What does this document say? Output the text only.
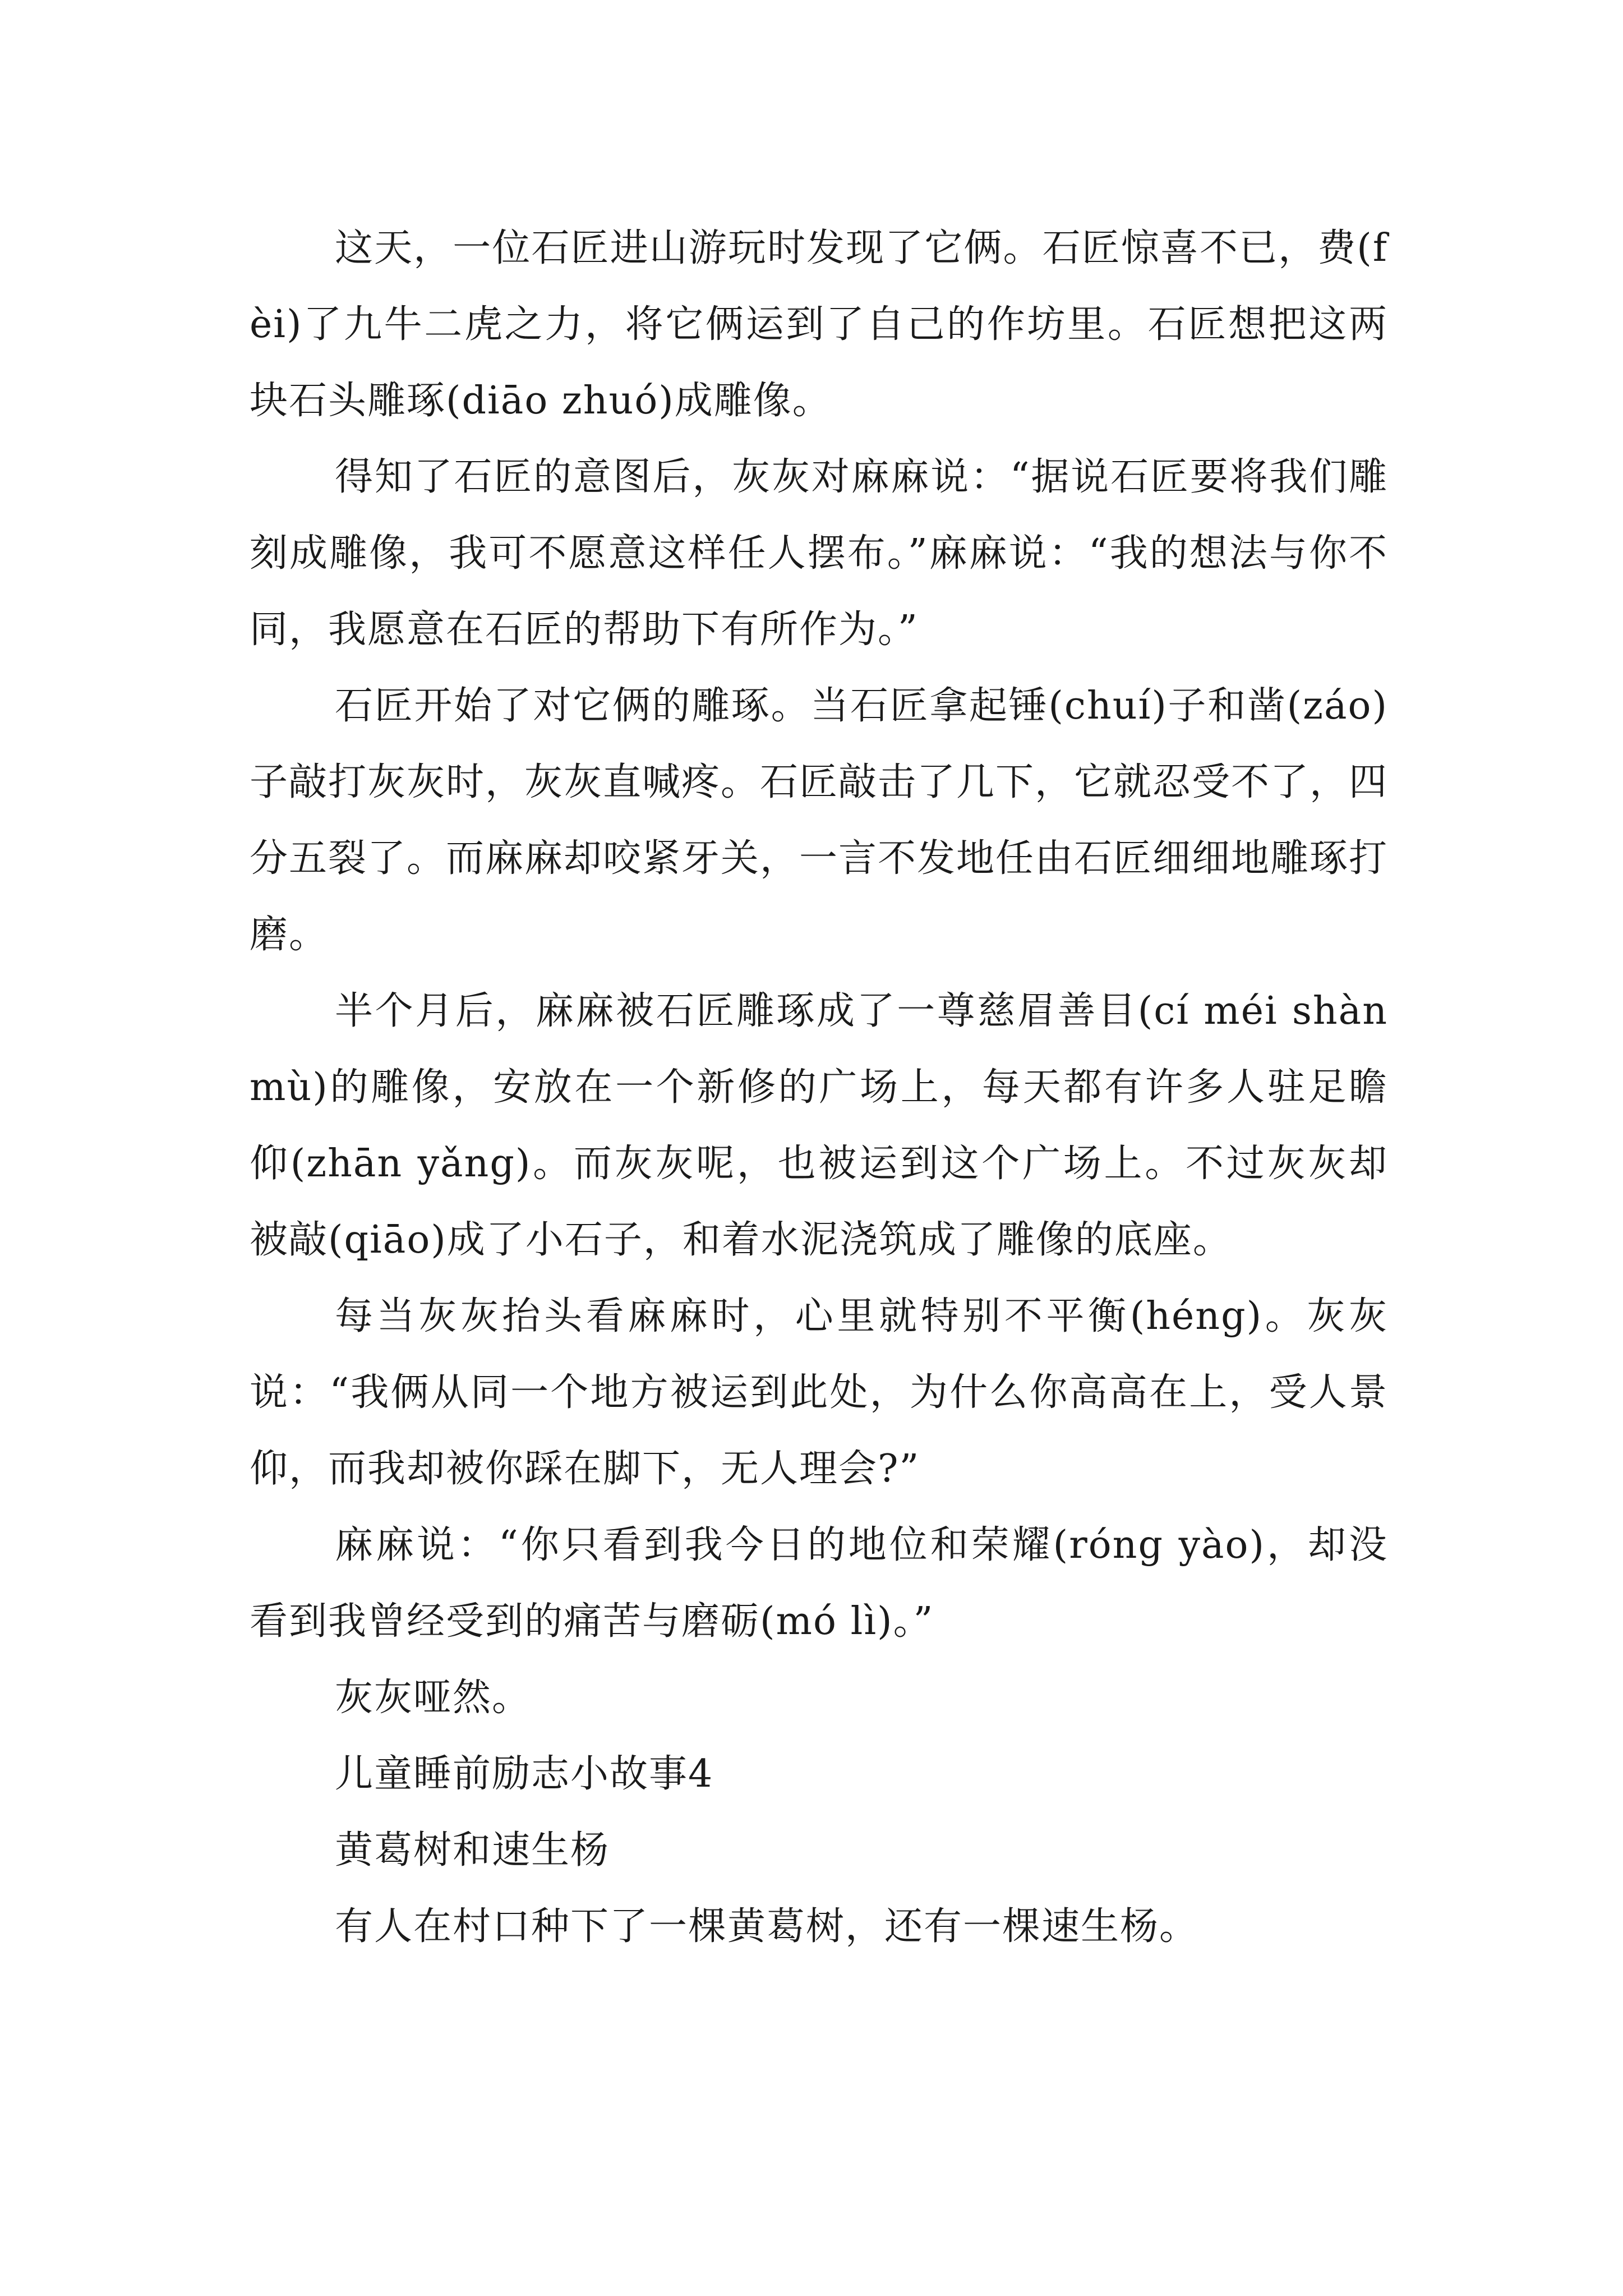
这天，一位石匠进山游玩时发现了它俩。石匠惊喜不已，费(fèi)了九牛二虎之力，将它俩运到了自己的作坊里。石匠想把这两块石头雕琢(diāo zhuó)成雕像。

得知了石匠的意图后，灰灰对麻麻说：“据说石匠要将我们雕刻成雕像，我可不愿意这样任人摆布。”麻麻说：“我的想法与你不同，我愿意在石匠的帮助下有所作为。”

石匠开始了对它俩的雕琢。当石匠拿起锤(chuí)子和凿(záo)子敲打灰灰时，灰灰直喊疼。石匠敲击了几下，它就忍受不了，四分五裂了。而麻麻却咬紧牙关，一言不发地任由石匠细细地雕琢打磨。

半个月后，麻麻被石匠雕琢成了一尊慈眉善目(cí méi shàn mù)的雕像，安放在一个新修的广场上，每天都有许多人驻足瞻仰(zhān yǎng)。而灰灰呢，也被运到这个广场上。不过灰灰却被敲(qiāo)成了小石子，和着水泥浇筑成了雕像的底座。

每当灰灰抬头看麻麻时，心里就特别不平衡(héng)。灰灰说：“我俩从同一个地方被运到此处，为什么你高高在上，受人景仰，而我却被你踩在脚下，无人理会?”

麻麻说：“你只看到我今日的地位和荣耀(róng yào)，却没看到我曾经受到的痛苦与磨砺(mó lì)。”

灰灰哑然。

儿童睡前励志小故事4

黄葛树和速生杨

有人在村口种下了一棵黄葛树，还有一棵速生杨。
